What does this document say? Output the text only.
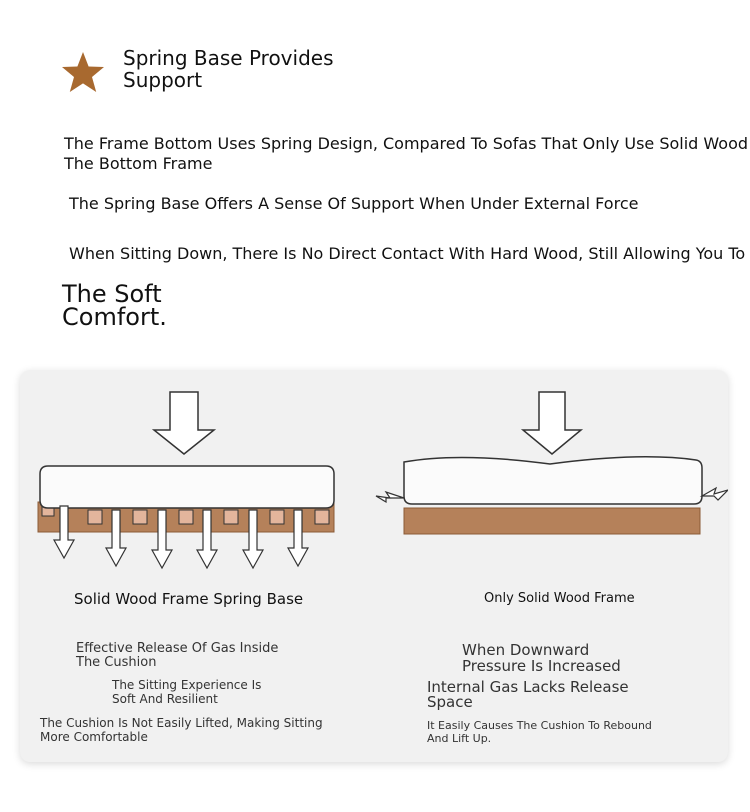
Spring Base Provides
Support
The Frame Bottom Uses Spring Design, Compared To Sofas That Only Use Solid Wood
The Bottom Frame
The Spring Base Offers A Sense Of Support When Under External Force
When Sitting Down, There Is No Direct Contact With Hard Wood, Still Allowing You To
The Soft
Comfort.
Solid Wood Frame Spring Base	Only Solid Wood Frame
Effective Release Of Gas Inside
The Cushion
The Sitting Experience Is
Soft And Resilient
The Cushion Is Not Easily Lifted, Making Sitting
More Comfortable
When Downward
Pressure Is Increased
Internal Gas Lacks Release
Space
It Easily Causes The Cushion To Rebound
And Lift Up.
